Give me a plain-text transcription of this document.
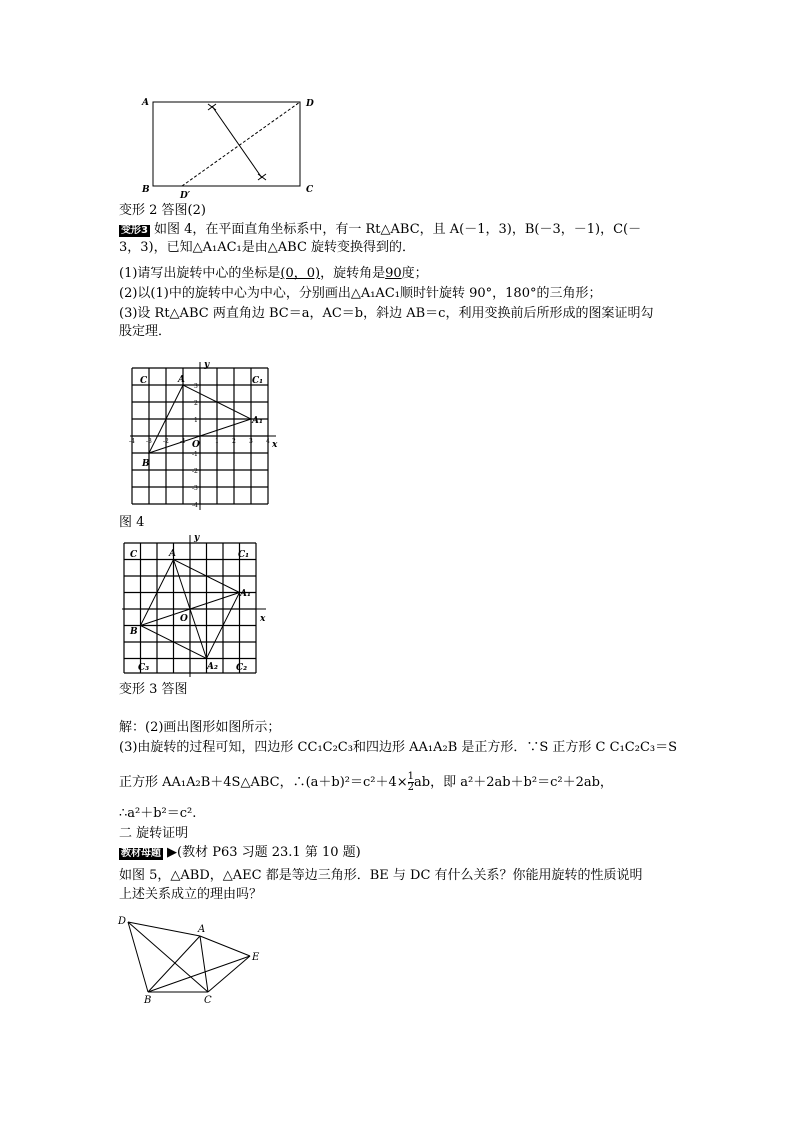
A	D
B	C
D′
变形 2 答图(2)
变形3 如图 4，在平面直角坐标系中，有一 Rt△ABC，且 A(－1，3)，B(－3，－1)，C(－
3，3)，已知△A₁AC₁是由△ABC 旋转变换得到的．
(1)请写出旋转中心的坐标是(0，0)，旋转角是90度；
(2)以(1)中的旋转中心为中心，分别画出△A₁AC₁顺时针旋转 90°，180°的三角形；
(3)设 Rt△ABC 两直角边 BC＝a，AC＝b，斜边 AB＝c，利用变换前后所形成的图案证明勾
股定理．
C	A	C₁
A₁
B
O	x
y
-4 -3 -2 -1	1 2 3 4
3
2
1
-1
-2
-3
-4
图 4
C	A	C₁
A₁
B
O	x
y
C₃	A₂ C₂
变形 3 答图
解：(2)画出图形如图所示；
(3)由旋转的过程可知，四边形 CC₁C₂C₃和四边形 AA₁A₂B 是正方形．∵S 正方形 C C₁C₂C₃＝S
正方形 AA₁A₂B＋4S△ABC，∴(a＋b)²＝c²＋4× $\frac{1}{2}$ ab，即 a²＋2ab＋b²＝c²＋2ab，
∴a²＋b²＝c².
二 旋转证明
教材母题 ▶(教材 P63 习题 23.1 第 10 题)
如图 5，△ABD，△AEC 都是等边三角形．BE 与 DC 有什么关系？你能用旋转的性质说明
上述关系成立的理由吗？
D
A
E
B	C
